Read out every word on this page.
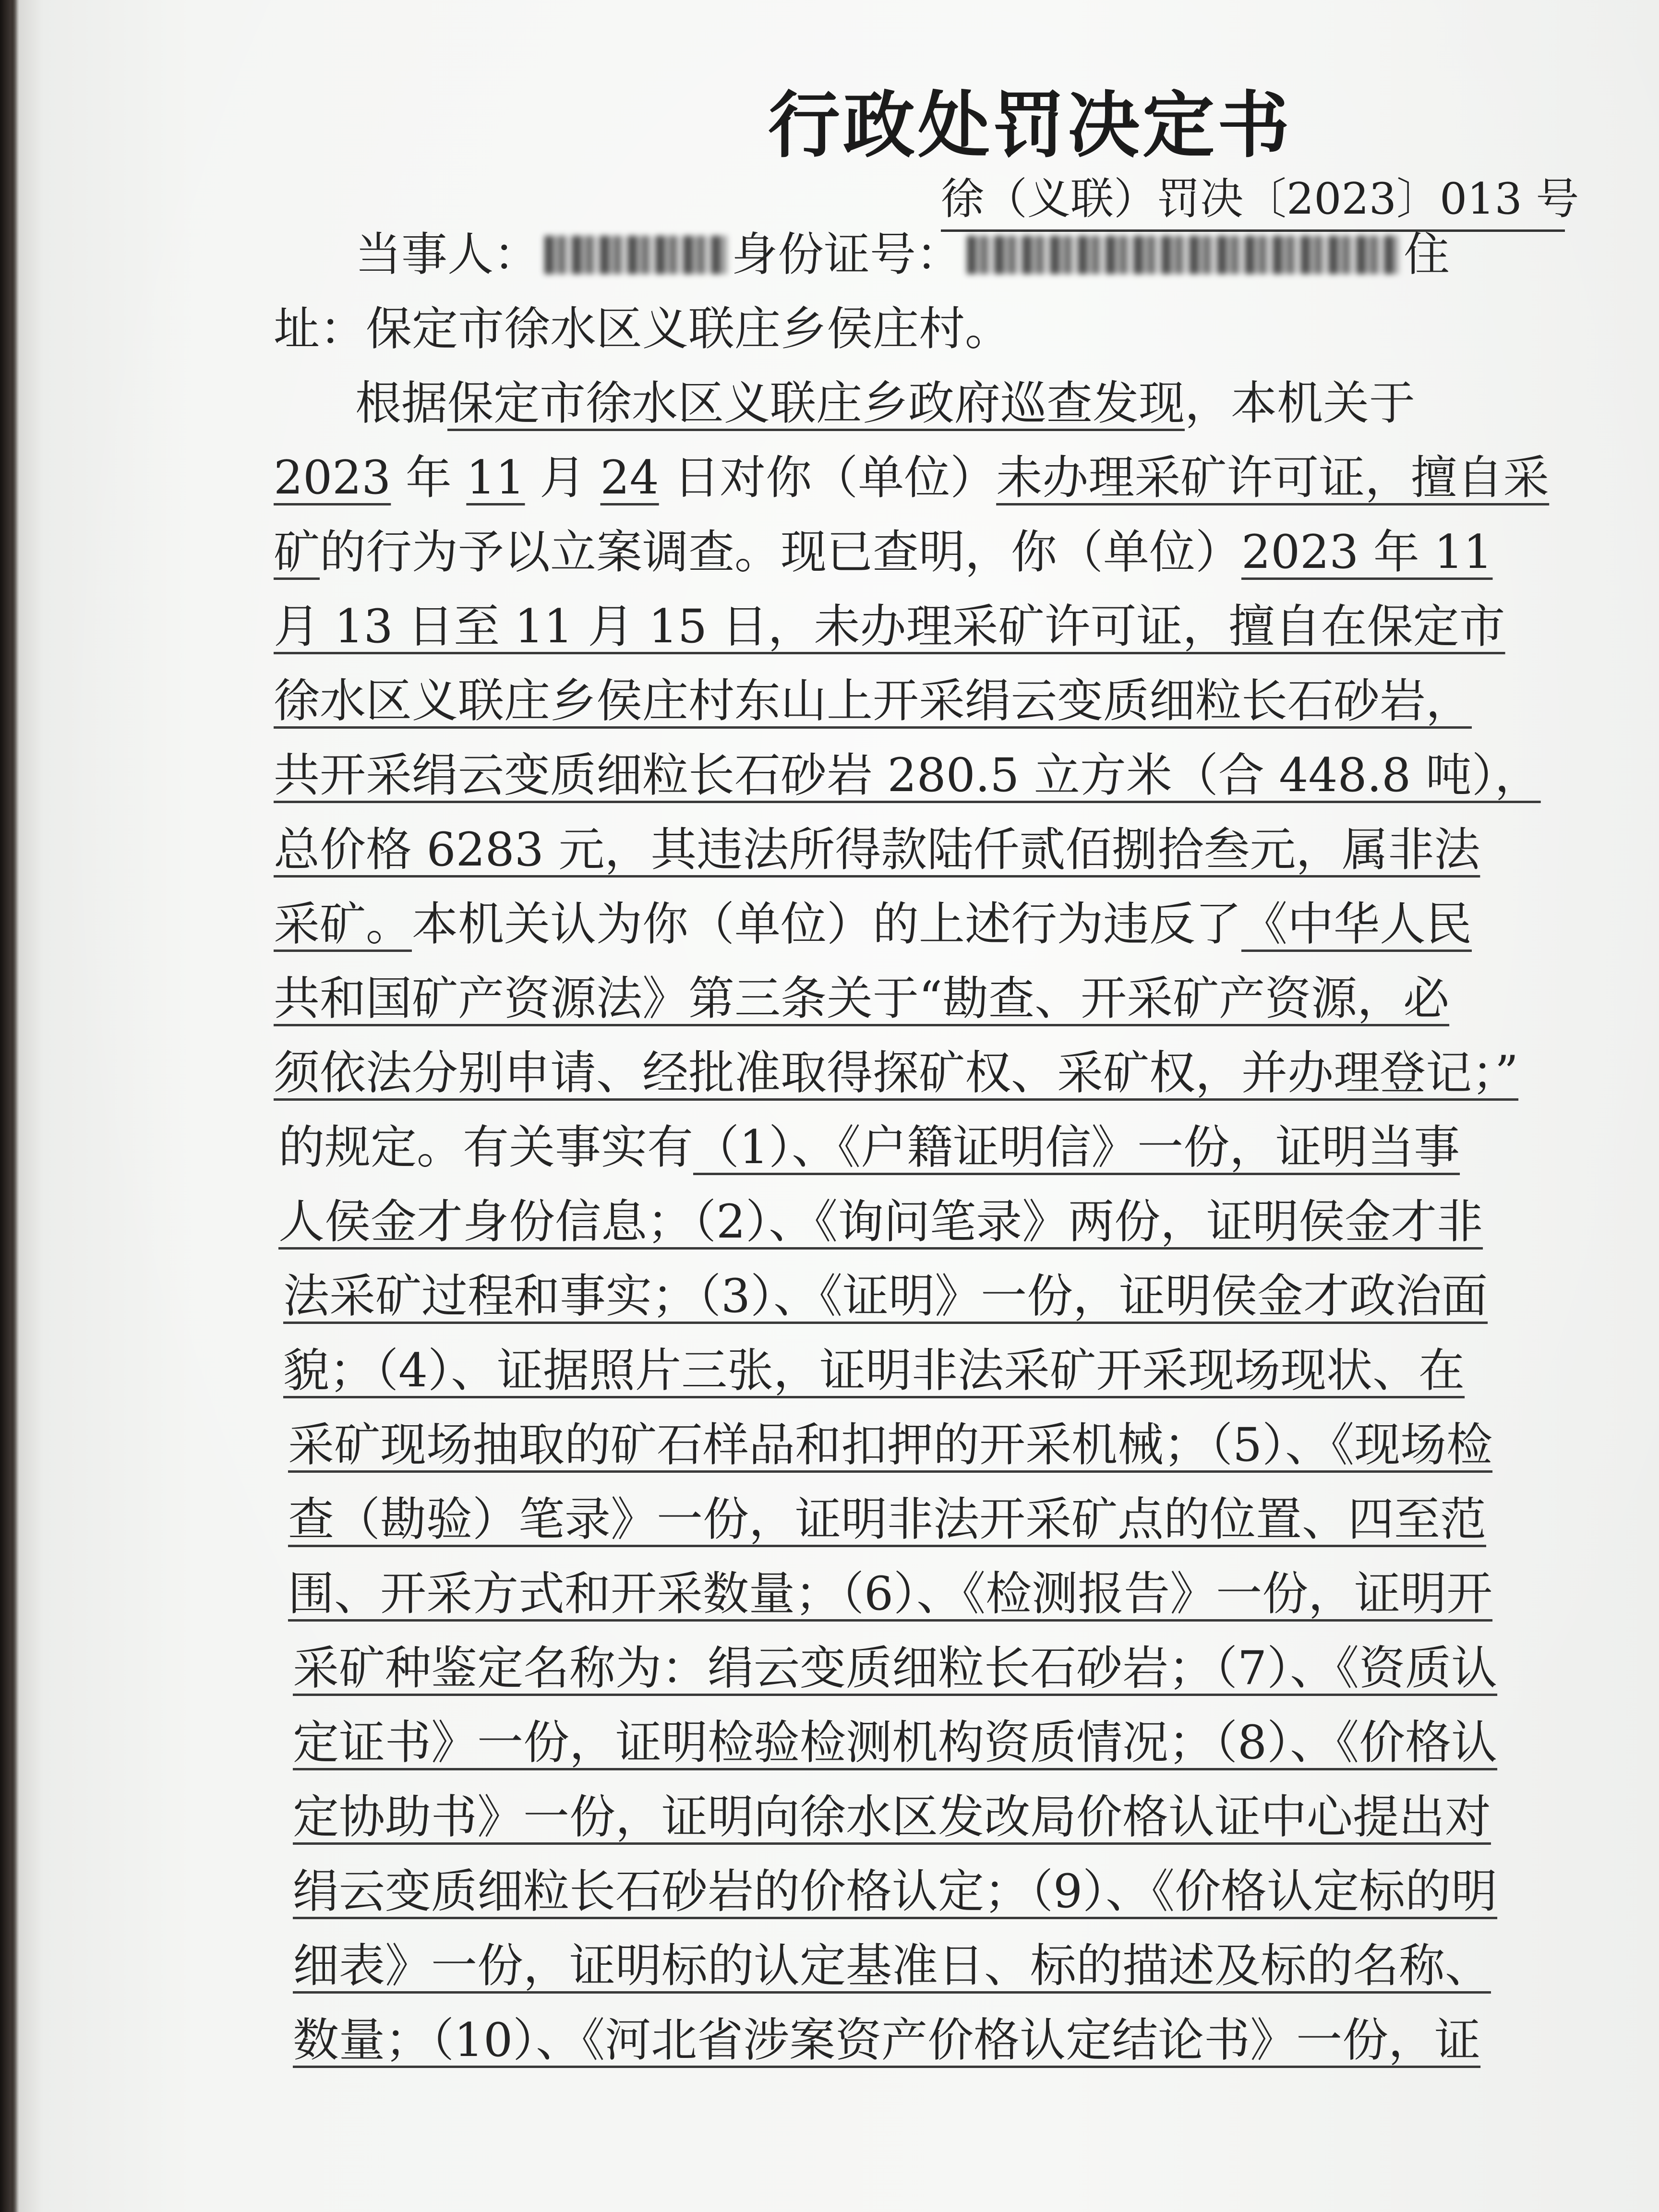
行政处罚决定书
徐（义联）罚决〔2023〕013 号
当事人：	身份证号：	住
址：保定市徐水区义联庄乡侯庄村。
根据保定市徐水区义联庄乡政府巡查发现，本机关于
2023 年 11 月 24 日对你（单位）未办理采矿许可证，擅自采
矿的行为予以立案调查。现已查明，你（单位）2023 年 11
月 13 日至 11 月 15 日，未办理采矿许可证，擅自在保定市
徐水区义联庄乡侯庄村东山上开采绢云变质细粒长石砂岩，
共开采绢云变质细粒长石砂岩 280.5 立方米（合 448.8 吨），
总价格 6283 元，其违法所得款陆仟贰佰捌拾叁元，属非法
采矿。本机关认为你（单位）的上述行为违反了《中华人民
共和国矿产资源法》第三条关于“勘查、开采矿产资源，必
须依法分别申请、经批准取得探矿权、采矿权，并办理登记；”
的规定。有关事实有（1）、《户籍证明信》一份，证明当事
人侯金才身份信息；（2）、《询问笔录》两份，证明侯金才非
法采矿过程和事实；（3）、《证明》一份，证明侯金才政治面
貌；（4）、证据照片三张，证明非法采矿开采现场现状、在
采矿现场抽取的矿石样品和扣押的开采机械；（5）、《现场检
查（勘验）笔录》一份，证明非法开采矿点的位置、四至范
围、开采方式和开采数量；（6）、《检测报告》一份，证明开
采矿种鉴定名称为：绢云变质细粒长石砂岩；（7）、《资质认
定证书》一份，证明检验检测机构资质情况；（8）、《价格认
定协助书》一份，证明向徐水区发改局价格认证中心提出对
绢云变质细粒长石砂岩的价格认定；（9）、《价格认定标的明
细表》一份，证明标的认定基准日、标的描述及标的名称、
数量；（10）、《河北省涉案资产价格认定结论书》一份，证
